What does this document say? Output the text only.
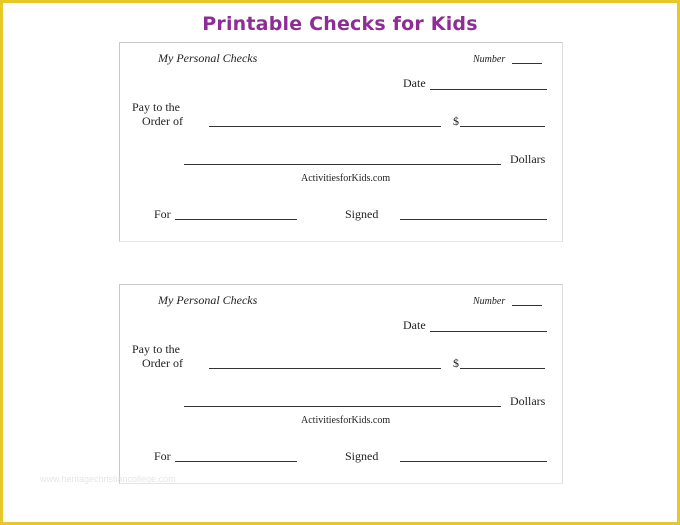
Printable Checks for Kids
My Personal Checks	Number
Date
Pay to the
Order of	$
Dollars
ActivitiesforKids.com
For	Signed
My Personal Checks	Number
Date
Pay to the
Order of	$
Dollars
ActivitiesforKids.com
For	Signed
www.heritagechristiancollege.com
